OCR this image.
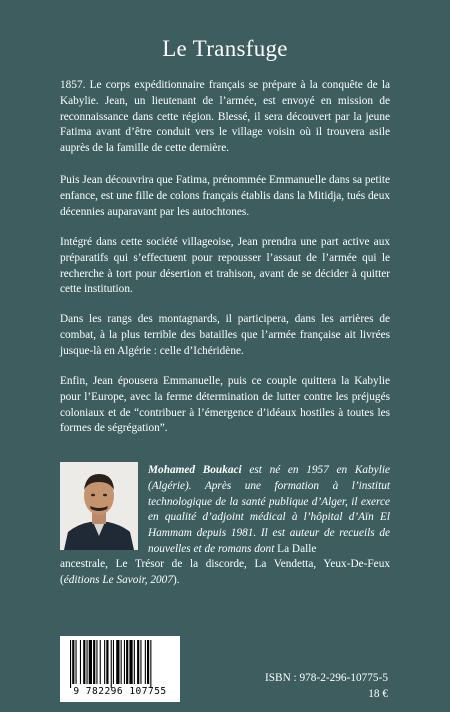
Le Transfuge

1857. Le corps expéditionnaire français se prépare à la conquête de la Kabylie. Jean, un lieutenant de l’armée, est envoyé en mission de reconnaissance dans cette région. Blessé, il sera découvert par la jeune Fatima avant d’être conduit vers le village voisin où il trouvera asile auprès de la famille de cette dernière.

Puis Jean découvrira que Fatima, prénommée Emmanuelle dans sa petite enfance, est une fille de colons français établis dans la Mitidja, tués deux décennies auparavant par les autochtones.

Intégré dans cette société villageoise, Jean prendra une part active aux préparatifs qui s’effectuent pour repousser l’assaut de l’armée qui le recherche à tort pour désertion et trahison, avant de se décider à quitter cette institution.

Dans les rangs des montagnards, il participera, dans les arrières de combat, à la plus terrible des batailles que l’armée française ait livrées jusque-là en Algérie : celle d’Ichéridène.

Enfin, Jean épousera Emmanuelle, puis ce couple quittera la Kabylie pour l’Europe, avec la ferme détermination de lutter contre les préjugés coloniaux et de “contribuer à l’émergence d’idéaux hostiles à toutes les formes de ségrégation”.

Mohamed Boukaci est né en 1957 en Kabylie (Algérie). Après une formation à l’institut technologique de la santé publique d’Alger, il exerce en qualité d’adjoint médical à l’hôpital d’Aïn El Hammam depuis 1981. Il est auteur de recueils de nouvelles et de romans dont La Dalle

ancestrale, Le Trésor de la discorde, La Vendetta, Yeux-De-Feux (éditions Le Savoir, 2007).

9 782296 107755
ISBN : 978-2-296-10775-5
18 €
